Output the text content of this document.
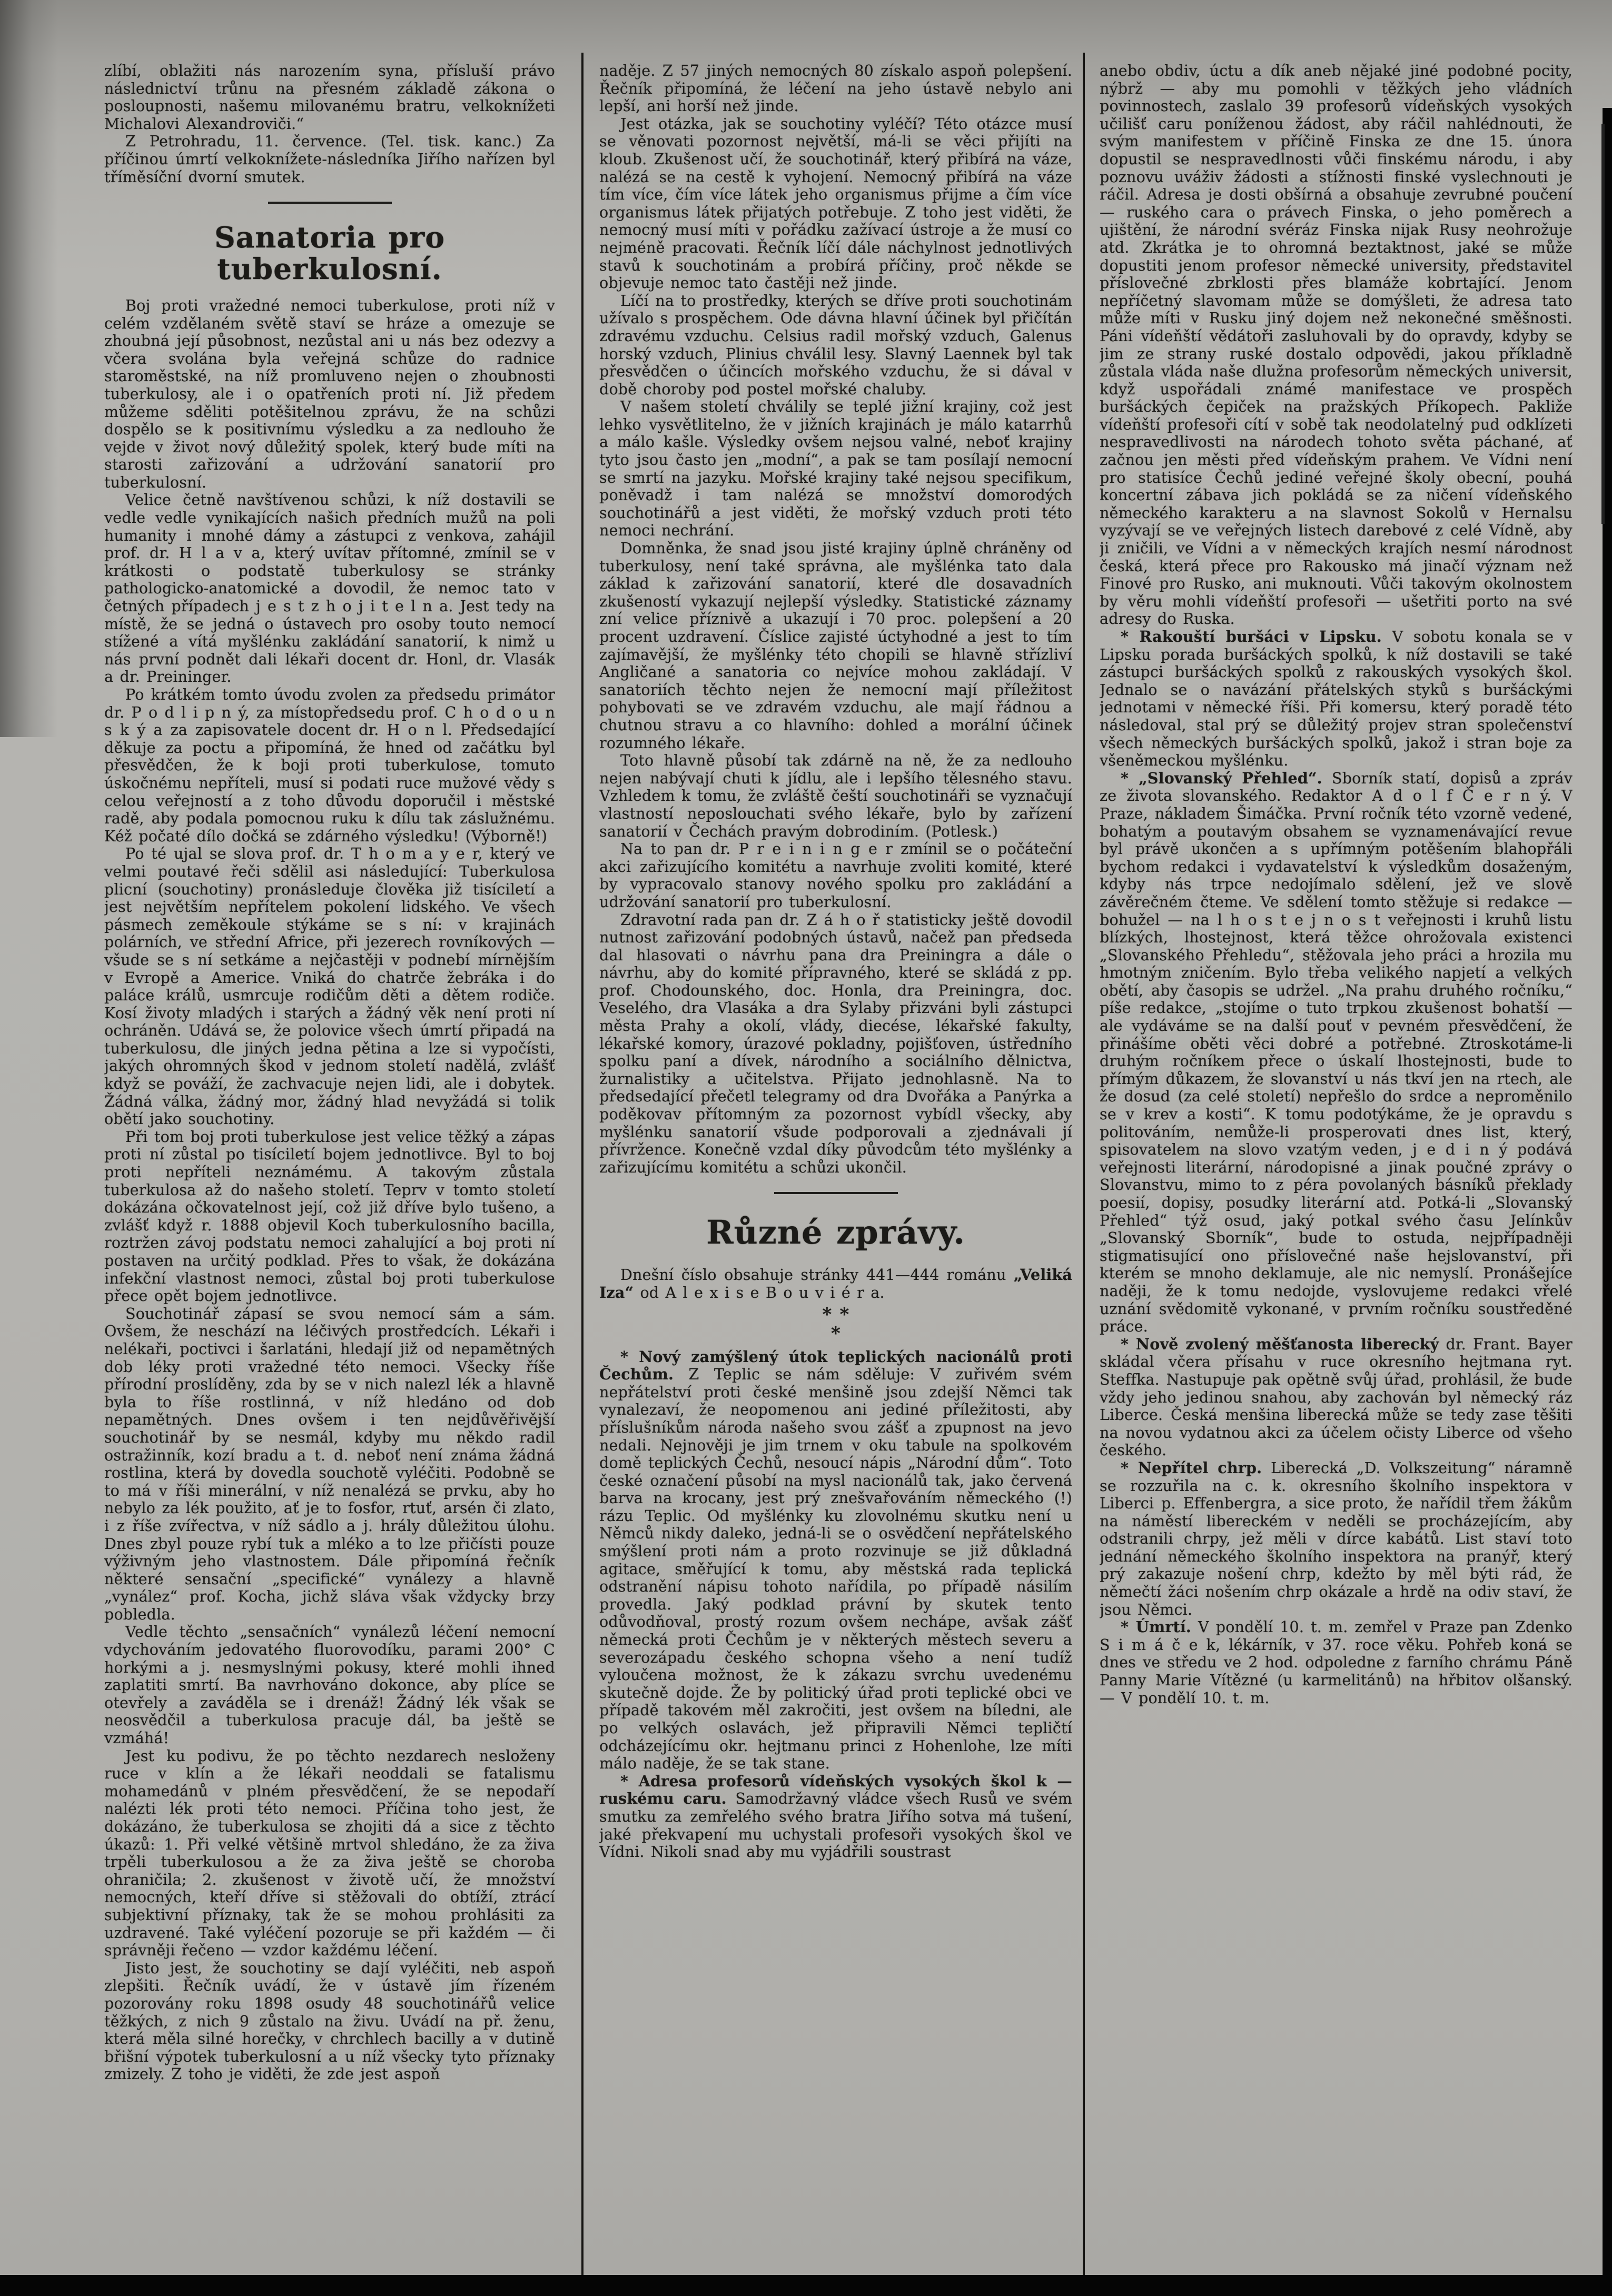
zlíbí, oblažiti nás narozením syna, přísluší právo následnictví trůnu na přesném základě zákona o posloupnosti, našemu milovanému bratru, velkoknížeti Michalovi Alexandroviči.“

Z Petrohradu, 11. července. (Tel. tisk. kanc.) Za příčinou úmrtí velkoknížete-následníka Jiřího nařízen byl tříměsíční dvorní smutek.

Sanatoria pro tuberkulosní.

Boj proti vražedné nemoci tuberkulose, proti níž v celém vzdělaném světě staví se hráze a omezuje se zhoubná její působnost, nezůstal ani u nás bez odezvy a včera svolána byla veřejná schůze do radnice staroměstské, na níž promluveno nejen o zhoubnosti tuberkulosy, ale i o opatřeních proti ní. Již předem můžeme sděliti potěšitelnou zprávu, že na schůzi dospělo se k positivnímu výsledku a za nedlouho že vejde v život nový důležitý spolek, který bude míti na starosti zařizování a udržování sanatorií pro tuberkulosní.

Velice četně navštívenou schůzi, k níž dostavili se vedle vedle vynikajících našich předních mužů na poli humanity i mnohé dámy a zástupci z venkova, zahájil prof. dr. H l a v a, který uvítav přítomné, zmínil se v krátkosti o podstatě tuberkulosy se stránky pathologicko-anatomické a dovodil, že nemoc tato v četných případech j e s t z h o j i t e l n a. Jest tedy na místě, že se jedná o ústavech pro osoby touto nemocí stížené a vítá myšlénku zakládání sanatorií, k nimž u nás první podnět dali lékaři docent dr. Honl, dr. Vlasák a dr. Preininger.

Po krátkém tomto úvodu zvolen za předsedu primátor dr. P o d l i p n ý, za místopředsedu prof. C h o d o u n s k ý a za zapisovatele docent dr. H o n l. Předsedající děkuje za poctu a připomíná, že hned od začátku byl přesvědčen, že k boji proti tuberkulose, tomuto úskočnému nepříteli, musí si podati ruce mužové vědy s celou veřejností a z toho důvodu doporučil i městské radě, aby podala pomocnou ruku k dílu tak záslužnému. Kéž počaté dílo dočká se zdárného výsledku! (Výborně!)

Po té ujal se slova prof. dr. T h o m a y e r, který ve velmi poutavé řeči sdělil asi následující: Tuberkulosa plicní (souchotiny) pronásleduje člověka již tisíciletí a jest největším nepřítelem pokolení lidského. Ve všech pásmech zeměkoule stýkáme se s ní: v krajinách polárních, ve střední Africe, při jezerech rovníkových — všude se s ní setkáme a nejčastěji v podnebí mírnějším v Evropě a Americe. Vniká do chatrče žebráka i do paláce králů, usmrcuje rodičům děti a dětem rodiče. Kosí životy mladých i starých a žádný věk není proti ní ochráněn. Udává se, že polovice všech úmrtí připadá na tuberkulosu, dle jiných jedna pětina a lze si vypočísti, jakých ohromných škod v jednom století nadělá, zvlášť když se pováží, že zachvacuje nejen lidi, ale i dobytek. Žádná válka, žádný mor, žádný hlad nevyžádá si tolik obětí jako souchotiny.

Při tom boj proti tuberkulose jest velice těžký a zápas proti ní zůstal po tisíciletí bojem jednotlivce. Byl to boj proti nepříteli neznámému. A takovým zůstala tuberkulosa až do našeho století. Teprv v tomto století dokázána očkovatelnost její, což již dříve bylo tušeno, a zvlášť když r. 1888 objevil Koch tuberkulosního bacilla, roztržen závoj podstatu nemoci zahalující a boj proti ní postaven na určitý podklad. Přes to však, že dokázána infekční vlastnost nemoci, zůstal boj proti tuberkulose přece opět bojem jednotlivce.

Souchotinář zápasí se svou nemocí sám a sám. Ovšem, že neschází na léčivých prostředcích. Lékaři i nelékaři, poctivci i šarlatáni, hledají již od nepamětných dob léky proti vražedné této nemoci. Všecky říše přírodní proslíděny, zda by se v nich nalezl lék a hlavně byla to říše rostlinná, v níž hledáno od dob nepamětných. Dnes ovšem i ten nejdůvěřivější souchotinář by se nesmál, kdyby mu někdo radil ostražinník, kozí bradu a t. d. neboť není známa žádná rostlina, která by dovedla souchotě vyléčiti. Podobně se to má v říši minerální, v níž nenalézá se prvku, aby ho nebylo za lék použito, ať je to fosfor, rtuť, arsén či zlato, i z říše zvířectva, v níž sádlo a j. hrály důležitou úlohu. Dnes zbyl pouze rybí tuk a mléko a to lze přičísti pouze výživným jeho vlastnostem. Dále připomíná řečník některé sensační „specifické“ vynálezy a hlavně „vynález“ prof. Kocha, jichž sláva však vždycky brzy pobledla.

Vedle těchto „sensačních“ vynálezů léčení nemocní vdychováním jedovatého fluorovodíku, parami 200° C horkými a j. nesmyslnými pokusy, které mohli ihned zaplatiti smrtí. Ba navrhováno dokonce, aby plíce se otevřely a zaváděla se i drenáž! Žádný lék však se neosvědčil a tuberkulosa pracuje dál, ba ještě se vzmáhá!

Jest ku podivu, že po těchto nezdarech nesloženy ruce v klín a že lékaři neoddali se fatalismu mohamedánů v plném přesvědčení, že se nepodaří nalézti lék proti této nemoci. Příčina toho jest, že dokázáno, že tuberkulosa se zhojiti dá a sice z těchto úkazů: 1. Při velké většině mrtvol shledáno, že za živa trpěli tuberkulosou a že za živa ještě se choroba ohraničila; 2. zkušenost v životě učí, že množství nemocných, kteří dříve si stěžovali do obtíží, ztrácí subjektivní příznaky, tak že se mohou prohlásiti za uzdravené. Také vyléčení pozoruje se při každém — či správněji řečeno — vzdor každému léčení.

Jisto jest, že souchotiny se dají vyléčiti, neb aspoň zlepšiti. Řečník uvádí, že v ústavě jím řízeném pozorovány roku 1898 osudy 48 souchotinářů velice těžkých, z nich 9 zůstalo na živu. Uvádí na př. ženu, která měla silné horečky, v chrchlech bacilly a v dutině břišní výpotek tuberkulosní a u níž všecky tyto příznaky zmizely. Z toho je viděti, že zde jest aspoň

naděje. Z 57 jiných nemocných 80 získalo aspoň polepšení. Řečník připomíná, že léčení na jeho ústavě nebylo ani lepší, ani horší než jinde.

Jest otázka, jak se souchotiny vyléčí? Této otázce musí se věnovati pozornost největší, má-li se věci přijíti na kloub. Zkušenost učí, že souchotinář, který přibírá na váze, nalézá se na cestě k vyhojení. Nemocný přibírá na váze tím více, čím více látek jeho organismus přijme a čím více organismus látek přijatých potřebuje. Z toho jest viděti, že nemocný musí míti v pořádku zažívací ústroje a že musí co nejméně pracovati. Řečník líčí dále náchylnost jednotlivých stavů k souchotinám a probírá příčiny, proč někde se objevuje nemoc tato častěji než jinde.

Líčí na to prostředky, kterých se dříve proti souchotinám užívalo s prospěchem. Ode dávna hlavní účinek byl přičítán zdravému vzduchu. Celsius radil mořský vzduch, Galenus horský vzduch, Plinius chválil lesy. Slavný Laennek byl tak přesvědčen o účincích mořského vzduchu, že si dával v době choroby pod postel mořské chaluby.

V našem století chválily se teplé jižní krajiny, což jest lehko vysvětlitelno, že v jižních krajinách je málo katarrhů a málo kašle. Výsledky ovšem nejsou valné, neboť krajiny tyto jsou často jen „modní“, a pak se tam posílají nemocní se smrtí na jazyku. Mořské krajiny také nejsou specifikum, poněvadž i tam nalézá se množství domorodých souchotinářů a jest viděti, že mořský vzduch proti této nemoci nechrání.

Domněnka, že snad jsou jisté krajiny úplně chráněny od tuberkulosy, není také správna, ale myšlénka tato dala základ k zařizování sanatorií, které dle dosavadních zkušeností vykazují nejlepší výsledky. Statistické záznamy zní velice příznivě a ukazují i 70 proc. polepšení a 20 procent uzdravení. Číslice zajisté úctyhodné a jest to tím zajímavější, že myšlénky této chopili se hlavně střízliví Angličané a sanatoria co nejvíce mohou zakládají. V sanatoriích těchto nejen že nemocní mají příležitost pohybovati se ve zdravém vzduchu, ale mají řádnou a chutnou stravu a co hlavního: dohled a morální účinek rozumného lékaře.

Toto hlavně působí tak zdárně na ně, že za nedlouho nejen nabývají chuti k jídlu, ale i lepšího tělesného stavu. Vzhledem k tomu, že zvláště čeští souchotináři se vyznačují vlastností neposlouchati svého lékaře, bylo by zařízení sanatorií v Čechách pravým dobrodiním. (Potlesk.)

Na to pan dr. P r e i n i n g e r zmínil se o počáteční akci zařizujícího komitétu a navrhuje zvoliti komité, které by vypracovalo stanovy nového spolku pro zakládání a udržování sanatorií pro tuberkulosní.

Zdravotní rada pan dr. Z á h o ř statisticky ještě dovodil nutnost zařizování podobných ústavů, načež pan předseda dal hlasovati o návrhu pana dra Preiningra a dále o návrhu, aby do komité přípravného, které se skládá z pp. prof. Chodounského, doc. Honla, dra Preiningra, doc. Veselého, dra Vlasáka a dra Sylaby přizváni byli zástupci města Prahy a okolí, vlády, diecése, lékařské fakulty, lékařské komory, úrazové pokladny, pojišťoven, ústředního spolku paní a dívek, národního a sociálního dělnictva, žurnalistiky a učitelstva. Přijato jednohlasně. Na to předsedající přečetl telegramy od dra Dvořáka a Panýrka a poděkovav přítomným za pozornost vybídl všecky, aby myšlénku sanatorií všude podporovali a zjednávali jí přívržence. Konečně vzdal díky původcům této myšlénky a zařizujícímu komitétu a schůzi ukončil.

Různé zprávy.

Dnešní číslo obsahuje stránky 441—444 románu „Veliká Iza“ od A l e x i s e B o u v i é r a.

* *
*

* Nový zamýšlený útok teplických nacionálů proti Čechům. Z Teplic se nám sděluje: V zuřivém svém nepřátelství proti české menšině jsou zdejší Němci tak vynalezaví, že neopomenou ani jediné příležitosti, aby příslušníkům národa našeho svou zášť a zpupnost na jevo nedali. Nejnověji je jim trnem v oku tabule na spolkovém domě teplických Čechů, nesoucí nápis „Národní dům“. Toto české označení působí na mysl nacionálů tak, jako červená barva na krocany, jest prý znešvařováním německého (!) rázu Teplic. Od myšlénky ku zlovolnému skutku není u Němců nikdy daleko, jedná-li se o osvědčení nepřátelského smýšlení proti nám a proto rozvinuje se již důkladná agitace, směřující k tomu, aby městská rada teplická odstranění nápisu tohoto nařídila, po případě násilím provedla. Jaký podklad právní by skutek tento odůvodňoval, prostý rozum ovšem nechápe, avšak zášť německá proti Čechům je v některých městech severu a severozápadu českého schopna všeho a není tudíž vyloučena možnost, že k zákazu svrchu uvedenému skutečně dojde. Že by politický úřad proti teplické obci ve případě takovém měl zakročiti, jest ovšem na bíledni, ale po velkých oslavách, jež připravili Němci tepličtí odcházejícímu okr. hejtmanu princi z Hohenlohe, lze míti málo naděje, že se tak stane.

* Adresa profesorů vídeňských vysokých škol k — ruskému caru. Samodržavný vládce všech Rusů ve svém smutku za zemřelého svého bratra Jiřího sotva má tušení, jaké překvapení mu uchystali profesoři vysokých škol ve Vídni. Nikoli snad aby mu vyjádřili soustrast

anebo obdiv, úctu a dík aneb nějaké jiné podobné pocity, nýbrž — aby mu pomohli v těžkých jeho vládních povinnostech, zaslalo 39 profesorů vídeňských vysokých učilišť caru poníženou žádost, aby ráčil nahlédnouti, že svým manifestem v příčině Finska ze dne 15. února dopustil se nespravedlnosti vůči finskému národu, i aby poznovu uváživ žádosti a stížnosti finské vyslechnouti je ráčil. Adresa je dosti obšírná a obsahuje zevrubné poučení — ruského cara o právech Finska, o jeho poměrech a ujištění, že národní svéráz Finska nijak Rusy neohrožuje atd. Zkrátka je to ohromná beztaktnost, jaké se může dopustiti jenom profesor německé university, představitel příslovečné zbrklosti přes blamáže kobrtající. Jenom nepříčetný slavomam může se domýšleti, že adresa tato může míti v Rusku jiný dojem než nekonečné směšnosti. Páni vídeňští vědátoři zasluhovali by do opravdy, kdyby se jim ze strany ruské dostalo odpovědi, jakou příkladně zůstala vláda naše dlužna profesorům německých universit, když uspořádali známé manifestace ve prospěch buršáckých čepiček na pražských Příkopech. Pakliže vídeňští profesoři cítí v sobě tak neodolatelný pud odklízeti nespravedlivosti na národech tohoto světa páchané, ať začnou jen městi před vídeňským prahem. Ve Vídni není pro statisíce Čechů jediné veřejné školy obecní, pouhá koncertní zábava jich pokládá se za ničení vídeňského německého karakteru a na slavnost Sokolů v Hernalsu vyzývají se ve veřejných listech darebové z celé Vídně, aby ji zničili, ve Vídni a v německých krajích nesmí národnost česká, která přece pro Rakousko má jinačí význam než Finové pro Rusko, ani muknouti. Vůči takovým okolnostem by věru mohli vídeňští profesoři — ušetřiti porto na své adresy do Ruska.

* Rakouští buršáci v Lipsku. V sobotu konala se v Lipsku porada buršáckých spolků, k níž dostavili se také zástupci buršáckých spolků z rakouských vysokých škol. Jednalo se o navázání přátelských styků s buršáckými jednotami v německé říši. Při komersu, který poradě této následoval, stal prý se důležitý projev stran společenství všech německých buršáckých spolků, jakož i stran boje za všeněmeckou myšlénku.

* „Slovanský Přehled“. Sborník statí, dopisů a zpráv ze života slovanského. Redaktor A d o l f Č e r n ý. V Praze, nákladem Šimáčka. První ročník této vzorně vedené, bohatým a poutavým obsahem se vyznamenávající revue byl právě ukončen a s upřímným potěšením blahopřáli bychom redakci i vydavatelství k výsledkům dosaženým, kdyby nás trpce nedojímalo sdělení, jež ve slově závěrečném čteme. Ve sdělení tomto stěžuje si redakce — bohužel — na l h o s t e j n o s t veřejnosti i kruhů listu blízkých, lhostejnost, která těžce ohrožovala existenci „Slovanského Přehledu“, stěžovala jeho práci a hrozila mu hmotným zničením. Bylo třeba velikého napjetí a velkých obětí, aby časopis se udržel. „Na prahu druhého ročníku,“ píše redakce, „stojíme o tuto trpkou zkušenost bohatší — ale vydáváme se na další pouť v pevném přesvědčení, že přinášíme oběti věci dobré a potřebné. Ztroskotáme-li druhým ročníkem přece o úskalí lhostejnosti, bude to přímým důkazem, že slovanství u nás tkví jen na rtech, ale že dosud (za celé století) nepřešlo do srdce a neproměnilo se v krev a kosti“. K tomu podotýkáme, že je opravdu s politováním, nemůže-li prosperovati dnes list, který, spisovatelem na slovo vzatým veden, j e d i n ý podává veřejnosti literární, národopisné a jinak poučné zprávy o Slovanstvu, mimo to z péra povolaných básníků překlady poesií, dopisy, posudky literární atd. Potká-li „Slovanský Přehled“ týž osud, jaký potkal svého času Jelínkův „Slovanský Sborník“, bude to ostuda, nejpřípadněji stigmatisující ono příslovečné naše hejslovanství, při kterém se mnoho deklamuje, ale nic nemyslí. Pronášejíce naději, že k tomu nedojde, vyslovujeme redakci vřelé uznání svědomitě vykonané, v prvním ročníku soustředěné práce.

* Nově zvolený měšťanosta liberecký dr. Frant. Bayer skládal včera přísahu v ruce okresního hejtmana ryt. Steffka. Nastupuje pak opětně svůj úřad, prohlásil, že bude vždy jeho jedinou snahou, aby zachován byl německý ráz Liberce. Česká menšina liberecká může se tedy zase těšiti na novou vydatnou akci za účelem očisty Liberce od všeho českého.

* Nepřítel chrp. Liberecká „D. Volkszeitung“ náramně se rozzuřila na c. k. okresního školního inspektora v Liberci p. Effenbergra, a sice proto, že nařídil třem žákům na náměstí libereckém v neděli se procházejícím, aby odstranili chrpy, jež měli v dírce kabátů. List staví toto jednání německého školního inspektora na pranýř, který prý zakazuje nošení chrp, kdežto by měl býti rád, že němečtí žáci nošením chrp okázale a hrdě na odiv staví, že jsou Němci.

* Úmrtí. V pondělí 10. t. m. zemřel v Praze pan Zdenko S i m á č e k, lékárník, v 37. roce věku. Pohřeb koná se dnes ve středu ve 2 hod. odpoledne z farního chrámu Páně Panny Marie Vítězné (u karmelitánů) na hřbitov olšanský. — V pondělí 10. t. m.
